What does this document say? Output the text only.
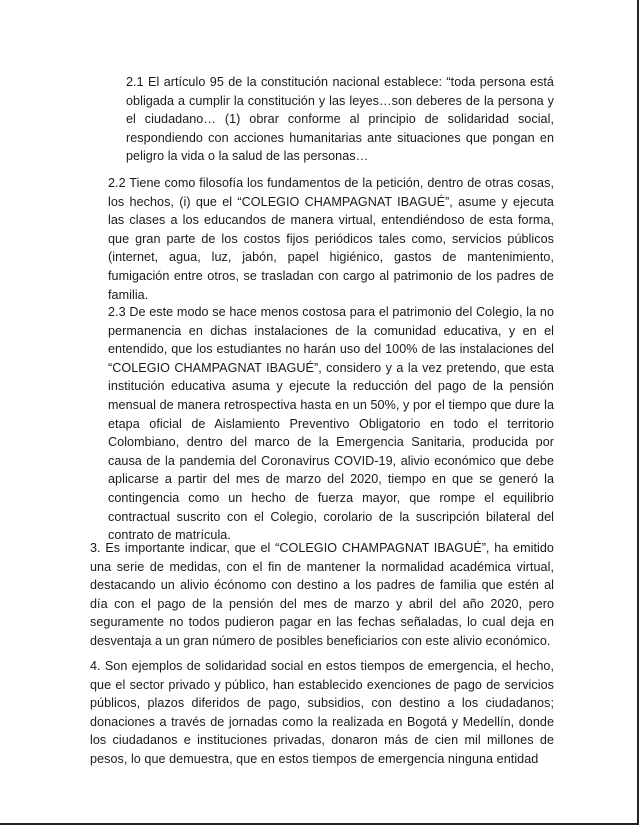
2.1 El artículo 95 de la constitución nacional establece: “toda persona está obligada a cumplir la constitución y las leyes…son deberes de la persona y el ciudadano… (1) obrar conforme al principio de solidaridad social, respondiendo con acciones humanitarias ante situaciones que pongan en peligro la vida o la salud de las personas…

2.2 Tiene como filosofía los fundamentos de la petición, dentro de otras cosas, los hechos, (i) que el “COLEGIO CHAMPAGNAT IBAGUÉ”, asume y ejecuta las clases a los educandos de manera virtual, entendiéndoso de esta forma, que gran parte de los costos fijos periódicos tales como, servicios públicos (internet, agua, luz, jabón, papel higiénico, gastos de mantenimiento, fumigación entre otros, se trasladan con cargo al patrimonio de los padres de familia.

2.3 De este modo se hace menos costosa para el patrimonio del Colegio, la no permanencia en dichas instalaciones de la comunidad educativa, y en el entendido, que los estudiantes no harán uso del 100% de las instalaciones del “COLEGIO CHAMPAGNAT IBAGUÉ”, considero y a la vez pretendo, que esta institución educativa asuma y ejecute la reducción del pago de la pensión mensual de manera retrospectiva hasta en un 50%, y por el tiempo que dure la etapa oficial de Aislamiento Preventivo Obligatorio en todo el territorio Colombiano, dentro del marco de la Emergencia Sanitaria, producida por causa de la pandemia del Coronavirus COVID-19, alivio económico que debe aplicarse a partir del mes de marzo del 2020, tiempo en que se generó la contingencia como un hecho de fuerza mayor, que rompe el equilibrio contractual suscrito con el Colegio, corolario de la suscripción bilateral del contrato de matrícula.

3. Es importante indicar, que el “COLEGIO CHAMPAGNAT IBAGUÉ”, ha emitido una serie de medidas, con el fin de mantener la normalidad académica virtual, destacando un alivio écónomo con destino a los padres de familia que estén al día con el pago de la pensión del mes de marzo y abril del año 2020, pero seguramente no todos pudieron pagar en las fechas señaladas, lo cual deja en desventaja a un gran número de posibles beneficiarios con este alivio económico.

4. Son ejemplos de solidaridad social en estos tiempos de emergencia, el hecho, que el sector privado y público, han establecido exenciones de pago de servicios públicos, plazos diferidos de pago, subsidios, con destino a los ciudadanos; donaciones a través de jornadas como la realizada en Bogotá y Medellín, donde los ciudadanos e instituciones privadas, donaron más de cien mil millones de pesos, lo que demuestra, que en estos tiempos de emergencia ninguna entidad
